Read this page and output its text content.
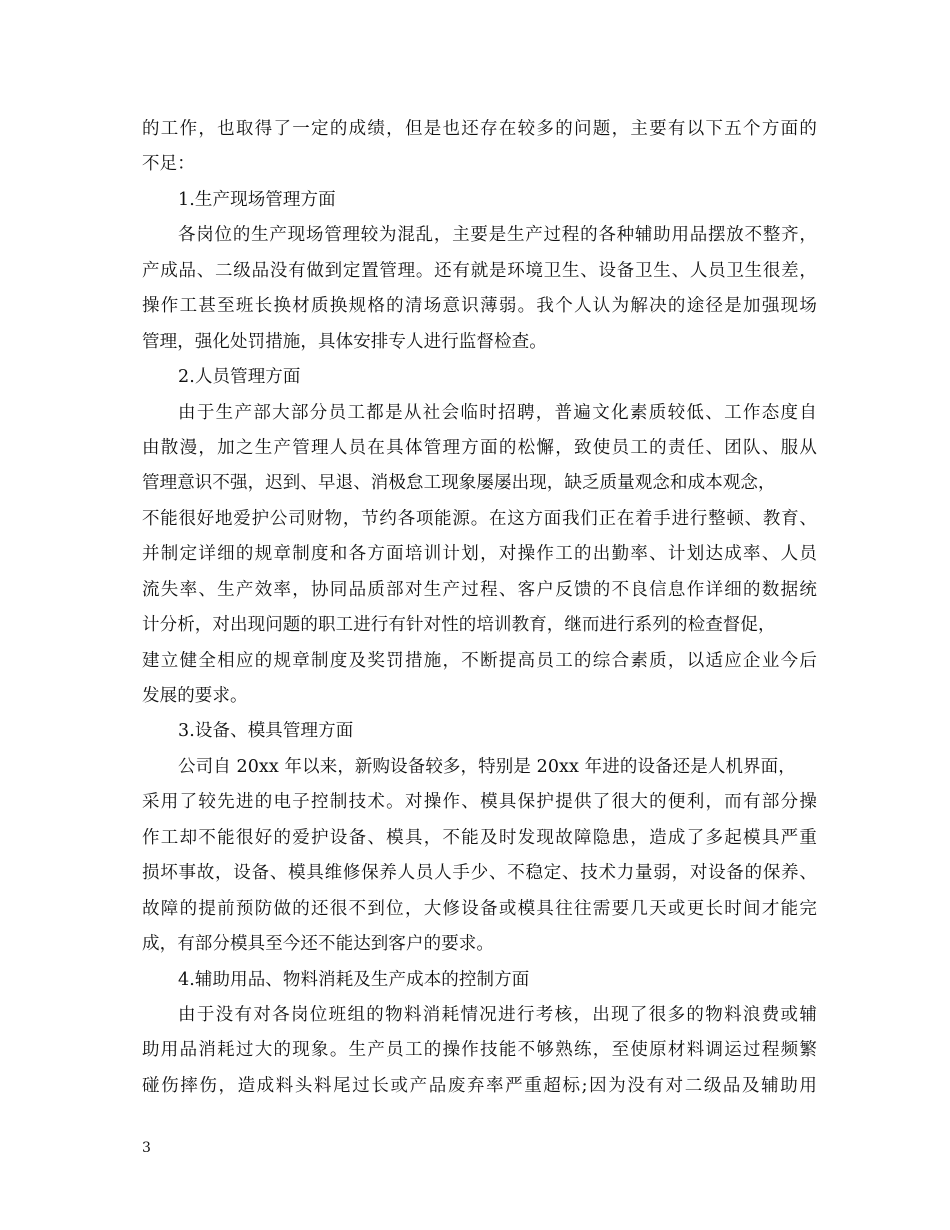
的工作，也取得了一定的成绩，但是也还存在较多的问题，主要有以下五个方面的
不足：
1.生产现场管理方面
各岗位的生产现场管理较为混乱，主要是生产过程的各种辅助用品摆放不整齐，
产成品、二级品没有做到定置管理。还有就是环境卫生、设备卫生、人员卫生很差，
操作工甚至班长换材质换规格的清场意识薄弱。我个人认为解决的途径是加强现场
管理，强化处罚措施，具体安排专人进行监督检查。
2.人员管理方面
由于生产部大部分员工都是从社会临时招聘，普遍文化素质较低、工作态度自
由散漫，加之生产管理人员在具体管理方面的松懈，致使员工的责任、团队、服从
管理意识不强，迟到、早退、消极怠工现象屡屡出现，缺乏质量观念和成本观念，
不能很好地爱护公司财物，节约各项能源。在这方面我们正在着手进行整顿、教育、
并制定详细的规章制度和各方面培训计划，对操作工的出勤率、计划达成率、人员
流失率、生产效率，协同品质部对生产过程、客户反馈的不良信息作详细的数据统
计分析，对出现问题的职工进行有针对性的培训教育，继而进行系列的检查督促，
建立健全相应的规章制度及奖罚措施，不断提高员工的综合素质，以适应企业今后
发展的要求。
3.设备、模具管理方面
公司自 20xx 年以来，新购设备较多，特别是 20xx 年进的设备还是人机界面，
采用了较先进的电子控制技术。对操作、模具保护提供了很大的便利，而有部分操
作工却不能很好的爱护设备、模具，不能及时发现故障隐患，造成了多起模具严重
损坏事故，设备、模具维修保养人员人手少、不稳定、技术力量弱，对设备的保养、
故障的提前预防做的还很不到位，大修设备或模具往往需要几天或更长时间才能完
成，有部分模具至今还不能达到客户的要求。
4.辅助用品、物料消耗及生产成本的控制方面
由于没有对各岗位班组的物料消耗情况进行考核，出现了很多的物料浪费或辅
助用品消耗过大的现象。生产员工的操作技能不够熟练，至使原材料调运过程频繁
碰伤摔伤，造成料头料尾过长或产品废弃率严重超标;因为没有对二级品及辅助用
3
